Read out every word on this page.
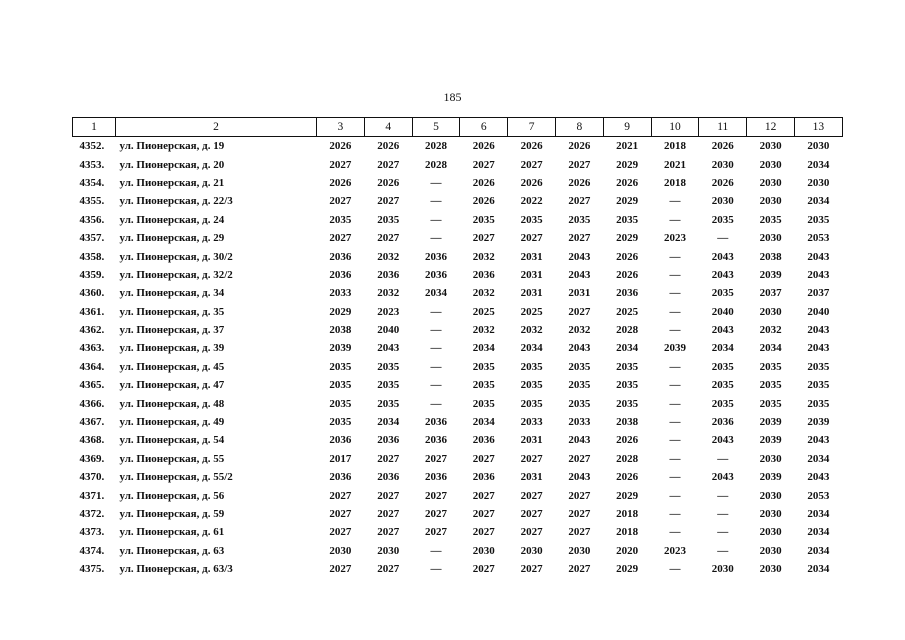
185
1	2	3	4	5	6	7	8	9	10	11	12	13
4352.	ул. Пионерская, д. 19	2026	2026	2028	2026	2026	2026	2021	2018	2026	2030	2030
4353.	ул. Пионерская, д. 20	2027	2027	2028	2027	2027	2027	2029	2021	2030	2030	2034
4354.	ул. Пионерская, д. 21	2026	2026	—	2026	2026	2026	2026	2018	2026	2030	2030
4355.	ул. Пионерская, д. 22/3	2027	2027	—	2026	2022	2027	2029	—	2030	2030	2034
4356.	ул. Пионерская, д. 24	2035	2035	—	2035	2035	2035	2035	—	2035	2035	2035
4357.	ул. Пионерская, д. 29	2027	2027	—	2027	2027	2027	2029	2023	—	2030	2053
4358.	ул. Пионерская, д. 30/2	2036	2032	2036	2032	2031	2043	2026	—	2043	2038	2043
4359.	ул. Пионерская, д. 32/2	2036	2036	2036	2036	2031	2043	2026	—	2043	2039	2043
4360.	ул. Пионерская, д. 34	2033	2032	2034	2032	2031	2031	2036	—	2035	2037	2037
4361.	ул. Пионерская, д. 35	2029	2023	—	2025	2025	2027	2025	—	2040	2030	2040
4362.	ул. Пионерская, д. 37	2038	2040	—	2032	2032	2032	2028	—	2043	2032	2043
4363.	ул. Пионерская, д. 39	2039	2043	—	2034	2034	2043	2034	2039	2034	2034	2043
4364.	ул. Пионерская, д. 45	2035	2035	—	2035	2035	2035	2035	—	2035	2035	2035
4365.	ул. Пионерская, д. 47	2035	2035	—	2035	2035	2035	2035	—	2035	2035	2035
4366.	ул. Пионерская, д. 48	2035	2035	—	2035	2035	2035	2035	—	2035	2035	2035
4367.	ул. Пионерская, д. 49	2035	2034	2036	2034	2033	2033	2038	—	2036	2039	2039
4368.	ул. Пионерская, д. 54	2036	2036	2036	2036	2031	2043	2026	—	2043	2039	2043
4369.	ул. Пионерская, д. 55	2017	2027	2027	2027	2027	2027	2028	—	—	2030	2034
4370.	ул. Пионерская, д. 55/2	2036	2036	2036	2036	2031	2043	2026	—	2043	2039	2043
4371.	ул. Пионерская, д. 56	2027	2027	2027	2027	2027	2027	2029	—	—	2030	2053
4372.	ул. Пионерская, д. 59	2027	2027	2027	2027	2027	2027	2018	—	—	2030	2034
4373.	ул. Пионерская, д. 61	2027	2027	2027	2027	2027	2027	2018	—	—	2030	2034
4374.	ул. Пионерская, д. 63	2030	2030	—	2030	2030	2030	2020	2023	—	2030	2034
4375.	ул. Пионерская, д. 63/3	2027	2027	—	2027	2027	2027	2029	—	2030	2030	2034
